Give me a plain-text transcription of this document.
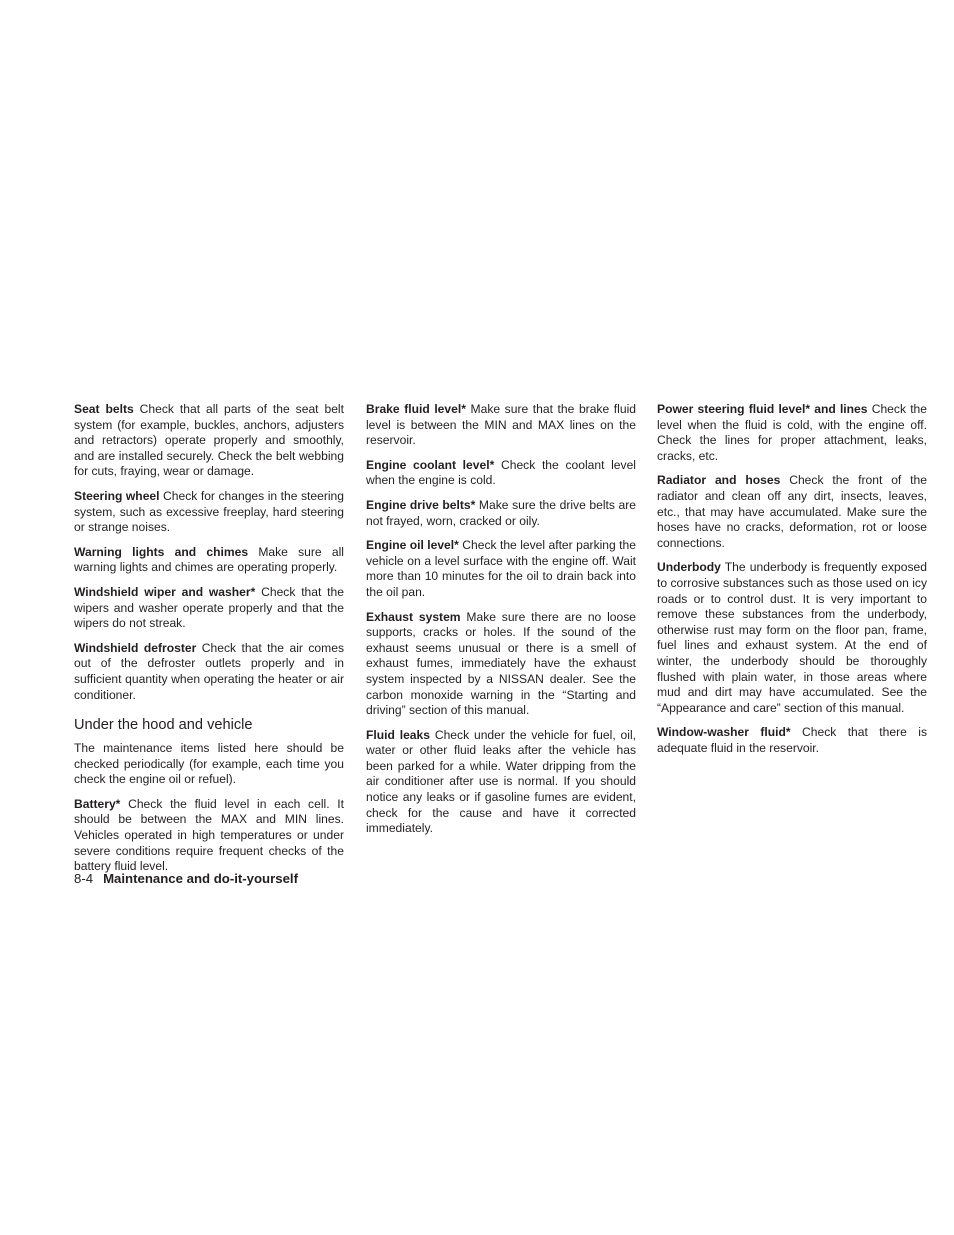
Seat belts Check that all parts of the seat belt system (for example, buckles, anchors, adjusters and retractors) operate properly and smoothly, and are installed securely. Check the belt webbing for cuts, fraying, wear or damage.

Steering wheel Check for changes in the steering system, such as excessive freeplay, hard steering or strange noises.

Warning lights and chimes Make sure all warning lights and chimes are operating properly.

Windshield wiper and washer* Check that the wipers and washer operate properly and that the wipers do not streak.

Windshield defroster Check that the air comes out of the defroster outlets properly and in sufficient quantity when operating the heater or air conditioner.

Under the hood and vehicle

The maintenance items listed here should be checked periodically (for example, each time you check the engine oil or refuel).

Battery* Check the fluid level in each cell. It should be between the MAX and MIN lines. Vehicles operated in high temperatures or under severe conditions require frequent checks of the battery fluid level.

Brake fluid level* Make sure that the brake fluid level is between the MIN and MAX lines on the reservoir.

Engine coolant level* Check the coolant level when the engine is cold.

Engine drive belts* Make sure the drive belts are not frayed, worn, cracked or oily.

Engine oil level* Check the level after parking the vehicle on a level surface with the engine off. Wait more than 10 minutes for the oil to drain back into the oil pan.

Exhaust system Make sure there are no loose supports, cracks or holes. If the sound of the exhaust seems unusual or there is a smell of exhaust fumes, immediately have the exhaust system inspected by a NISSAN dealer. See the carbon monoxide warning in the “Starting and driving” section of this manual.

Fluid leaks Check under the vehicle for fuel, oil, water or other fluid leaks after the vehicle has been parked for a while. Water dripping from the air conditioner after use is normal. If you should notice any leaks or if gasoline fumes are evident, check for the cause and have it corrected immediately.

Power steering fluid level* and lines Check the level when the fluid is cold, with the engine off. Check the lines for proper attachment, leaks, cracks, etc.

Radiator and hoses Check the front of the radiator and clean off any dirt, insects, leaves, etc., that may have accumulated. Make sure the hoses have no cracks, deformation, rot or loose connections.

Underbody The underbody is frequently exposed to corrosive substances such as those used on icy roads or to control dust. It is very important to remove these substances from the underbody, otherwise rust may form on the floor pan, frame, fuel lines and exhaust system. At the end of winter, the underbody should be thoroughly flushed with plain water, in those areas where mud and dirt may have accumulated. See the “Appearance and care” section of this manual.

Window-washer fluid* Check that there is adequate fluid in the reservoir.

8-4 Maintenance and do-it-yourself
